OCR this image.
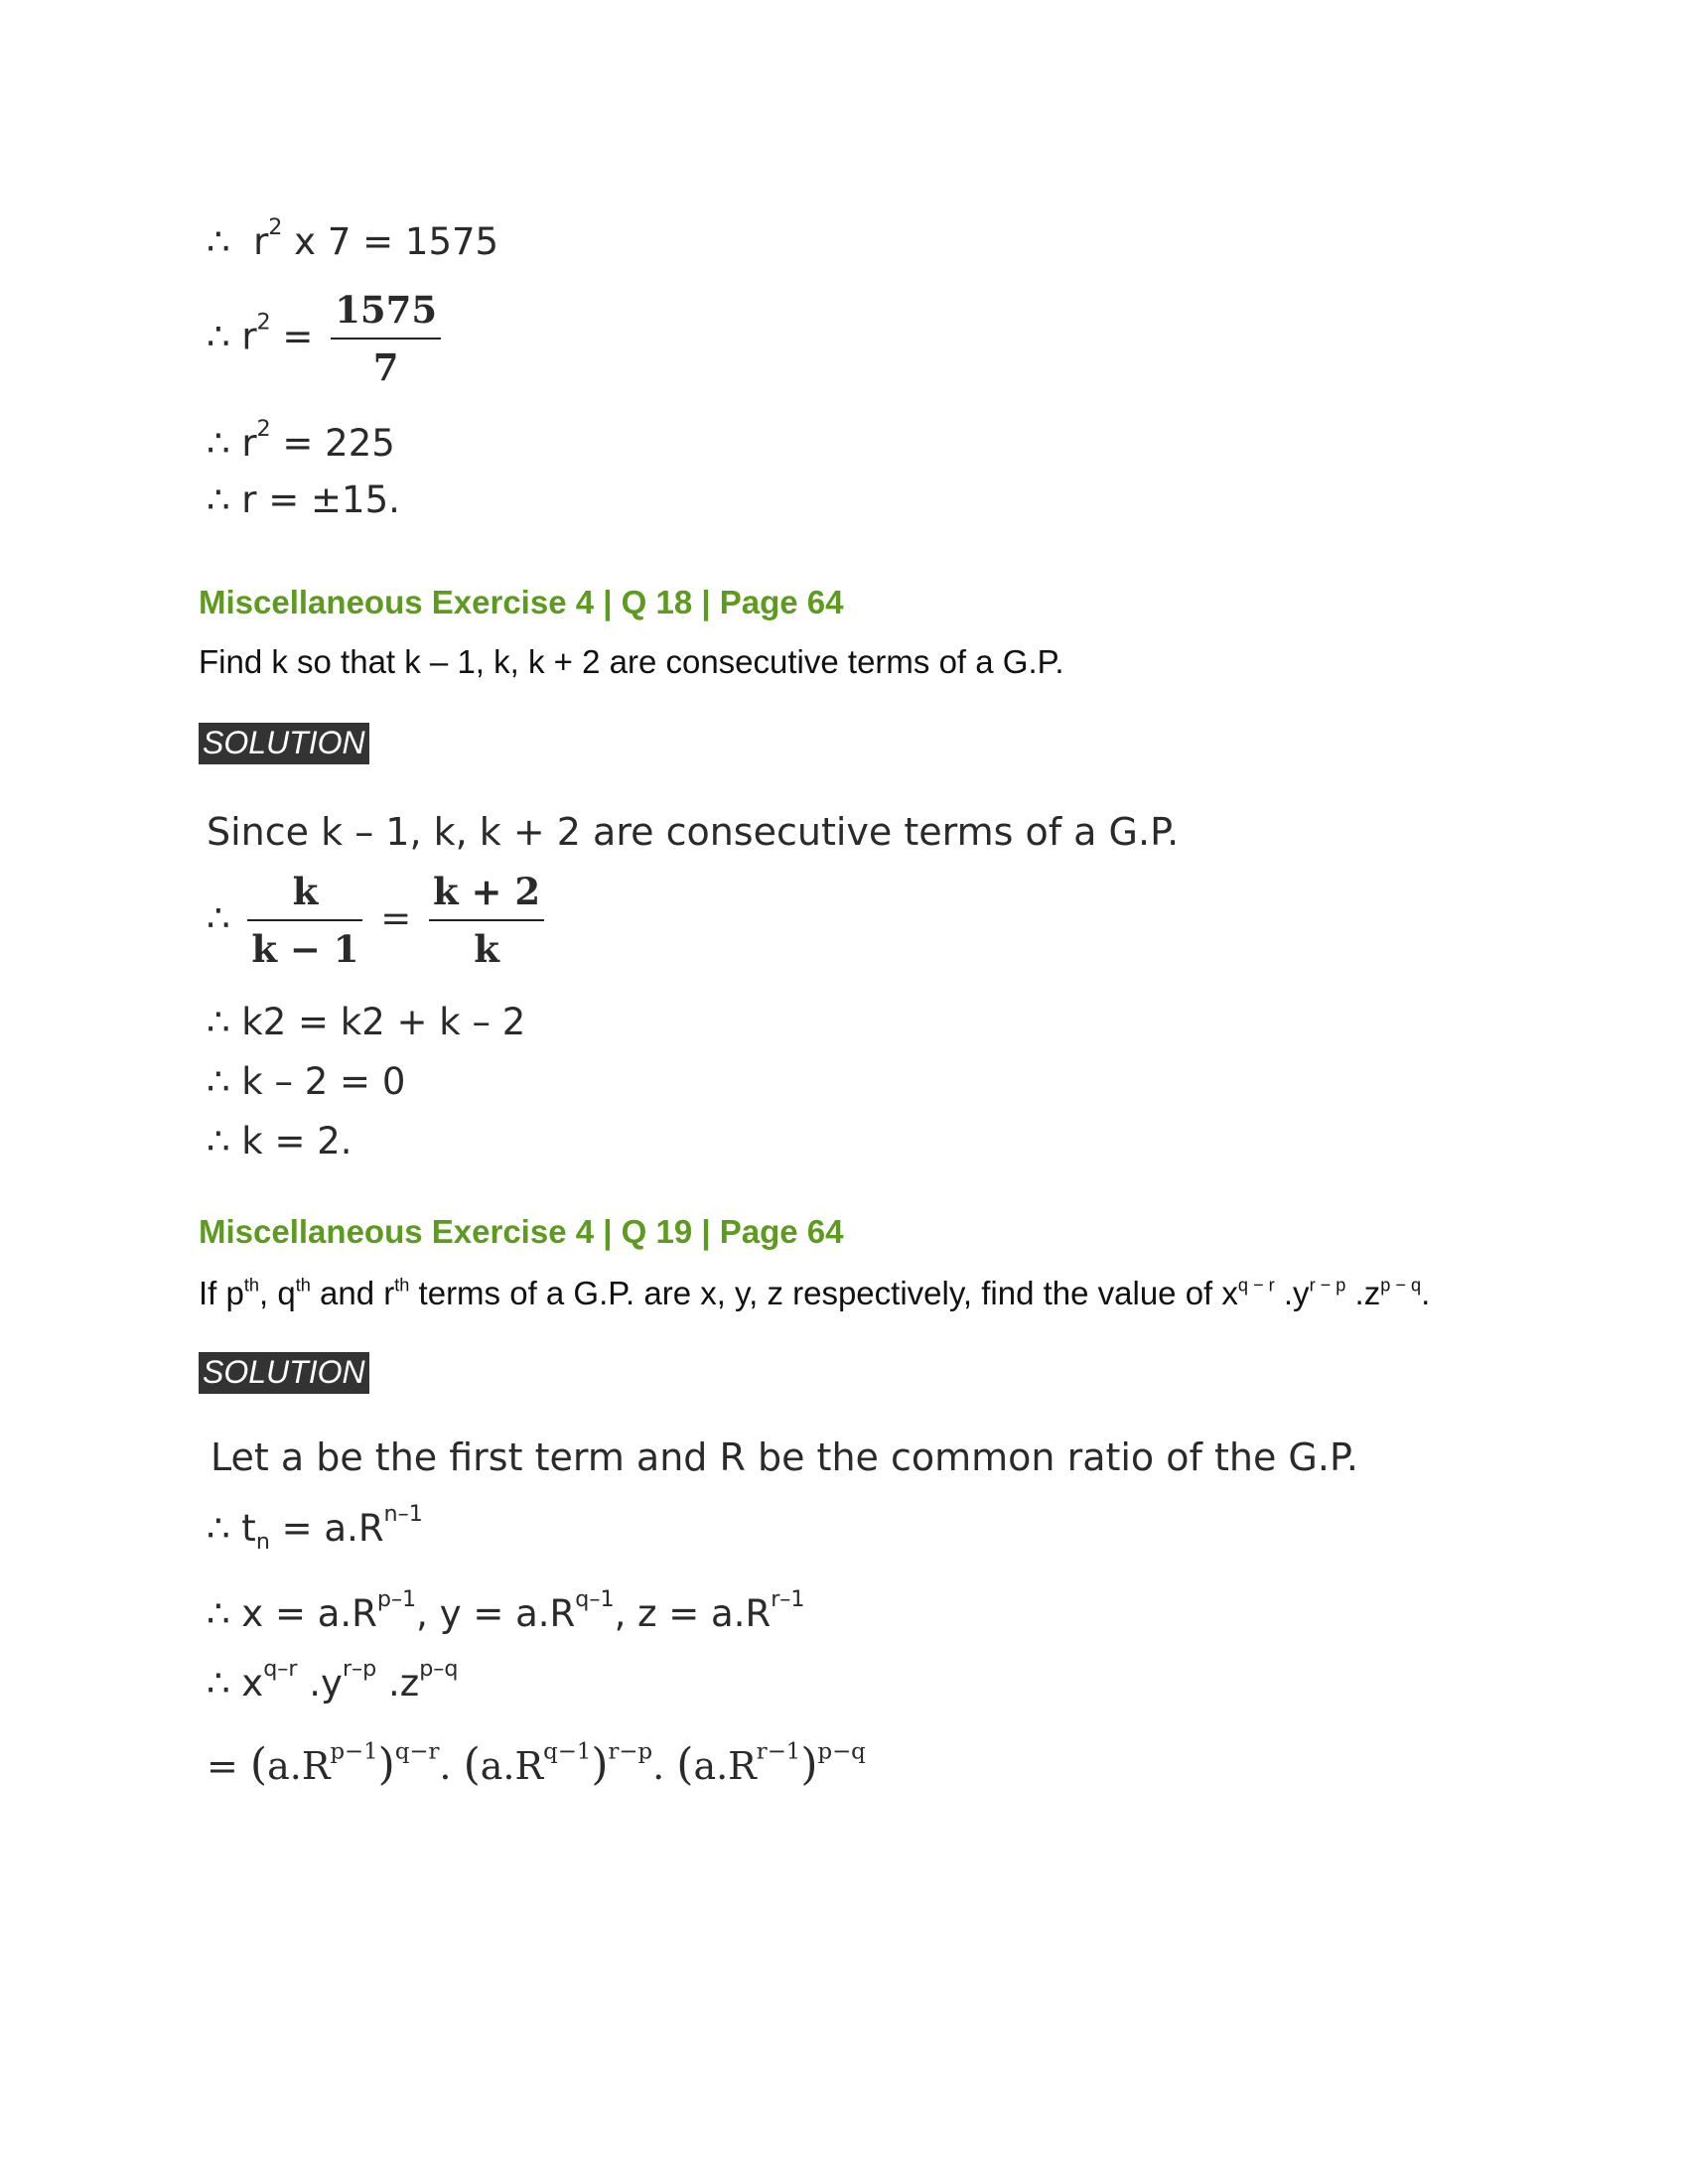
∴ $r^2$ x 7 = 1575
∴ $r^2 = \frac{1575}{7}$
∴ $r^2 = 225$
∴ r = ±15.
Miscellaneous Exercise 4 | Q 18 | Page 64
Find k so that k – 1, k, k + 2 are consecutive terms of a G.P.
SOLUTION
Since k – 1, k, k + 2 are consecutive terms of a G.P.
∴ $\frac{k}{k - 1} = \frac{k + 2}{k}$
∴ k2 = k2 + k – 2
∴ k – 2 = 0
∴ k = 2.
Miscellaneous Exercise 4 | Q 19 | Page 64
If $p^{th}$, $q^{th}$ and $r^{th}$ terms of a G.P. are x, y, z respectively, find the value of $x^{q - r}$ $.y^{r - p}$ $.z^{p - q}$.
SOLUTION
Let a be the first term and R be the common ratio of the G.P.
∴ $t_n = a.R^{n-1}$
∴ $x = a.R^{p-1}$, $y = a.R^{q-1}$, $z = a.R^{r-1}$
∴ $x^{q-r}$ $.y^{r-p}$ $.z^{p-q}$
= $(a.R^{p-1})^{q-r}$. $(a.R^{q-1})^{r-p}$. $(a.R^{r-1})^{p-q}$
